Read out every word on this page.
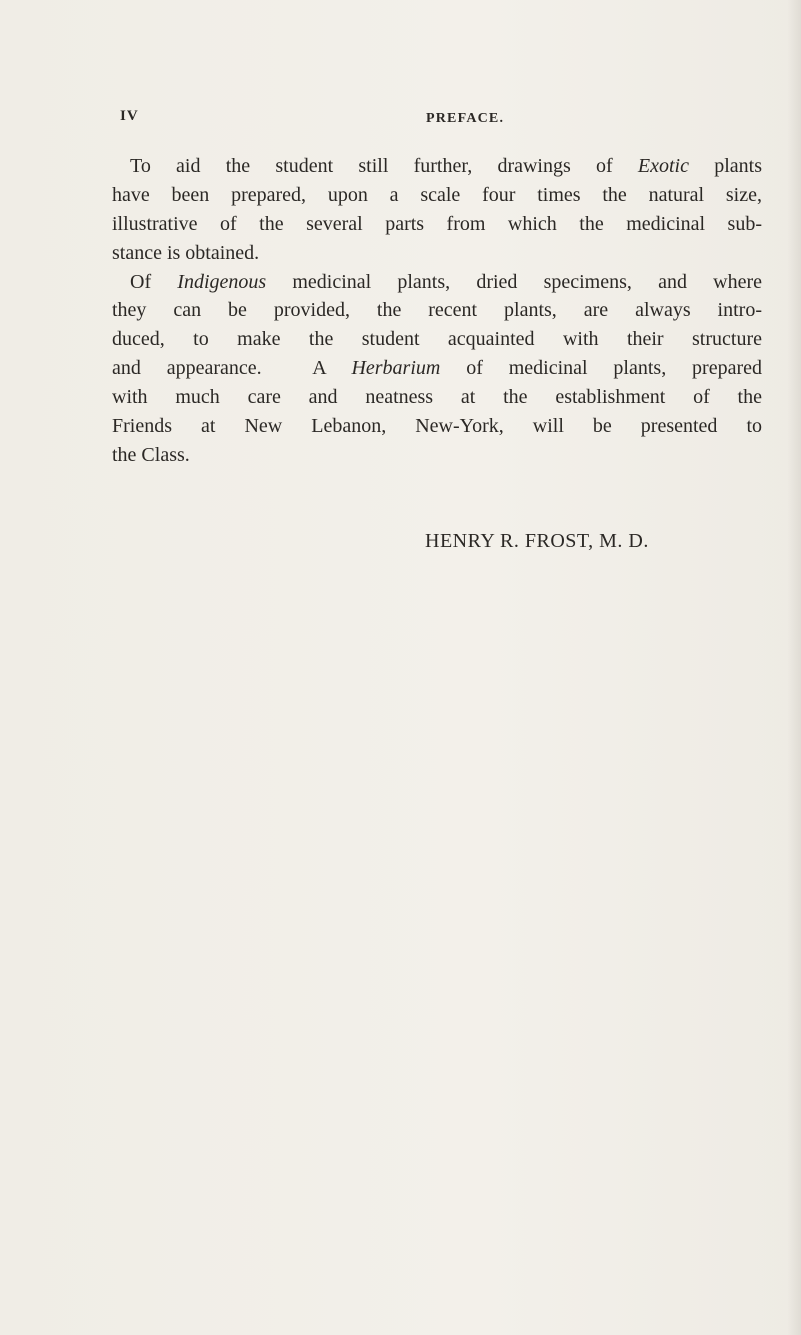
IV	PREFACE.
To aid the student still further, drawings of Exotic plants
have been prepared, upon a scale four times the natural size,
illustrative of the several parts from which the medicinal sub-
stance is obtained.
Of Indigenous medicinal plants, dried specimens, and where
they can be provided, the recent plants, are always intro-
duced, to make the student acquainted with their structure
and appearance.  A Herbarium of medicinal plants, prepared
with much care and neatness at the establishment of the
Friends at New Lebanon, New-York, will be presented to
the Class.
HENRY R. FROST, M. D.
